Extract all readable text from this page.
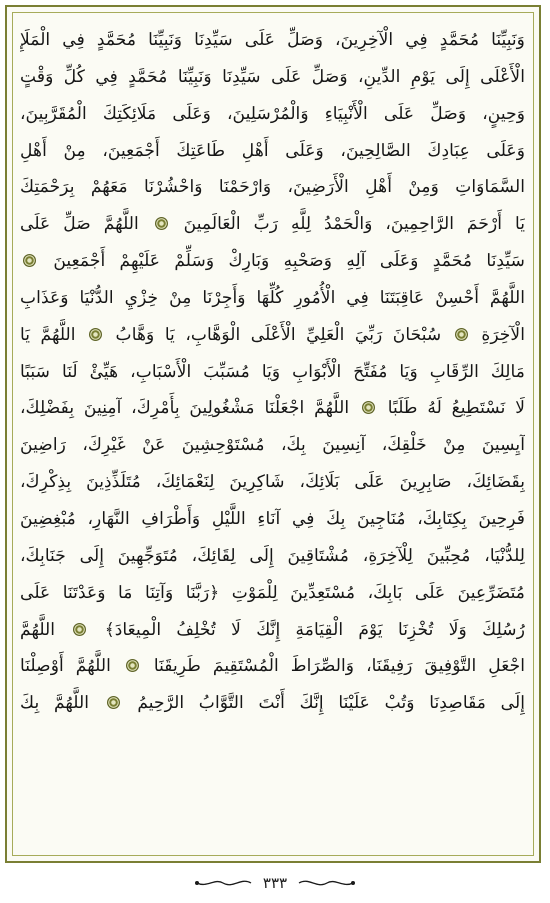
وَنَبِيِّنَا مُحَمَّدٍ فِي الْآخِرِينَ، وَصَلِّ عَلَى سَيِّدِنَا وَنَبِيِّنَا مُحَمَّدٍ فِي الْمَلَإِ
الْأَعْلَى إِلَى يَوْمِ الدِّينِ، وَصَلِّ عَلَى سَيِّدِنَا وَنَبِيِّنَا مُحَمَّدٍ فِي كُلِّ وَقْتٍ
وَحِينٍ، وَصَلِّ عَلَى الْأَنْبِيَاءِ وَالْمُرْسَلِينَ، وَعَلَى مَلَائِكَتِكَ الْمُقَرَّبِينَ،
وَعَلَى عِبَادِكَ الصَّالِحِينَ، وَعَلَى أَهْلِ طَاعَتِكَ أَجْمَعِينَ، مِنْ أَهْلِ
السَّمَاوَاتِ وَمِنْ أَهْلِ الْأَرَضِينَ، وَارْحَمْنَا وَاحْشُرْنَا مَعَهُمْ بِرَحْمَتِكَ
يَا أَرْحَمَ الرَّاحِمِينَ، وَالْحَمْدُ لِلَّهِ رَبِّ الْعَالَمِينَ  اللَّهُمَّ صَلِّ عَلَى
سَيِّدِنَا مُحَمَّدٍ وَعَلَى آلِهِ وَصَحْبِهِ وَبَارِكْ وَسَلِّمْ عَلَيْهِمْ أَجْمَعِينَ
اللَّهُمَّ أَحْسِنْ عَاقِبَتَنَا فِي الْأُمُورِ كُلِّهَا وَأَجِرْنَا مِنْ خِزْيِ الدُّنْيَا وَعَذَابِ
الْآخِرَةِ  سُبْحَانَ رَبِّيَ الْعَلِيِّ الْأَعْلَى الْوَهَّابِ، يَا وَهَّابُ  اللَّهُمَّ يَا
مَالِكَ الرِّقَابِ وَيَا مُفَتِّحَ الْأَبْوَابِ وَيَا مُسَبِّبَ الْأَسْبَابِ، هَيِّئْ لَنَا سَبَبًا
لَا نَسْتَطِيعُ لَهُ طَلَبًا  اللَّهُمَّ اجْعَلْنَا مَشْغُولِينَ بِأَمْرِكَ، آمِنِينَ بِفَضْلِكَ،
آيِسِينَ مِنْ خَلْقِكَ، آنِسِينَ بِكَ، مُسْتَوْحِشِينَ عَنْ غَيْرِكَ، رَاضِينَ
بِقَضَائِكَ، صَابِرِينَ عَلَى بَلَائِكَ، شَاكِرِينَ لِنَعْمَائِكَ، مُتَلَذِّذِينَ بِذِكْرِكَ،
فَرِحِينَ بِكِتَابِكَ، مُنَاجِينَ بِكَ فِي آنَاءِ اللَّيْلِ وَأَطْرَافِ النَّهَارِ، مُبْغِضِينَ
لِلدُّنْيَا، مُحِبِّينَ لِلْآخِرَةِ، مُشْتَاقِينَ إِلَى لِقَائِكَ، مُتَوَجِّهِينَ إِلَى جَنَابِكَ،
مُتَضَرِّعِينَ عَلَى بَابِكَ، مُسْتَعِدِّينَ لِلْمَوْتِ ﴿رَبَّنَا وَآتِنَا مَا وَعَدْتَنَا عَلَى
رُسُلِكَ وَلَا تُخْزِنَا يَوْمَ الْقِيَامَةِ إِنَّكَ لَا تُخْلِفُ الْمِيعَادَ﴾  اللَّهُمَّ
اجْعَلِ التَّوْفِيقَ رَفِيقَنَا، وَالصِّرَاطَ الْمُسْتَقِيمَ طَرِيقَنَا  اللَّهُمَّ أَوْصِلْنَا
إِلَى مَقَاصِدِنَا وَتُبْ عَلَيْنَا إِنَّكَ أَنْتَ التَّوَّابُ الرَّحِيمُ  اللَّهُمَّ بِكَ
٣٣٣
